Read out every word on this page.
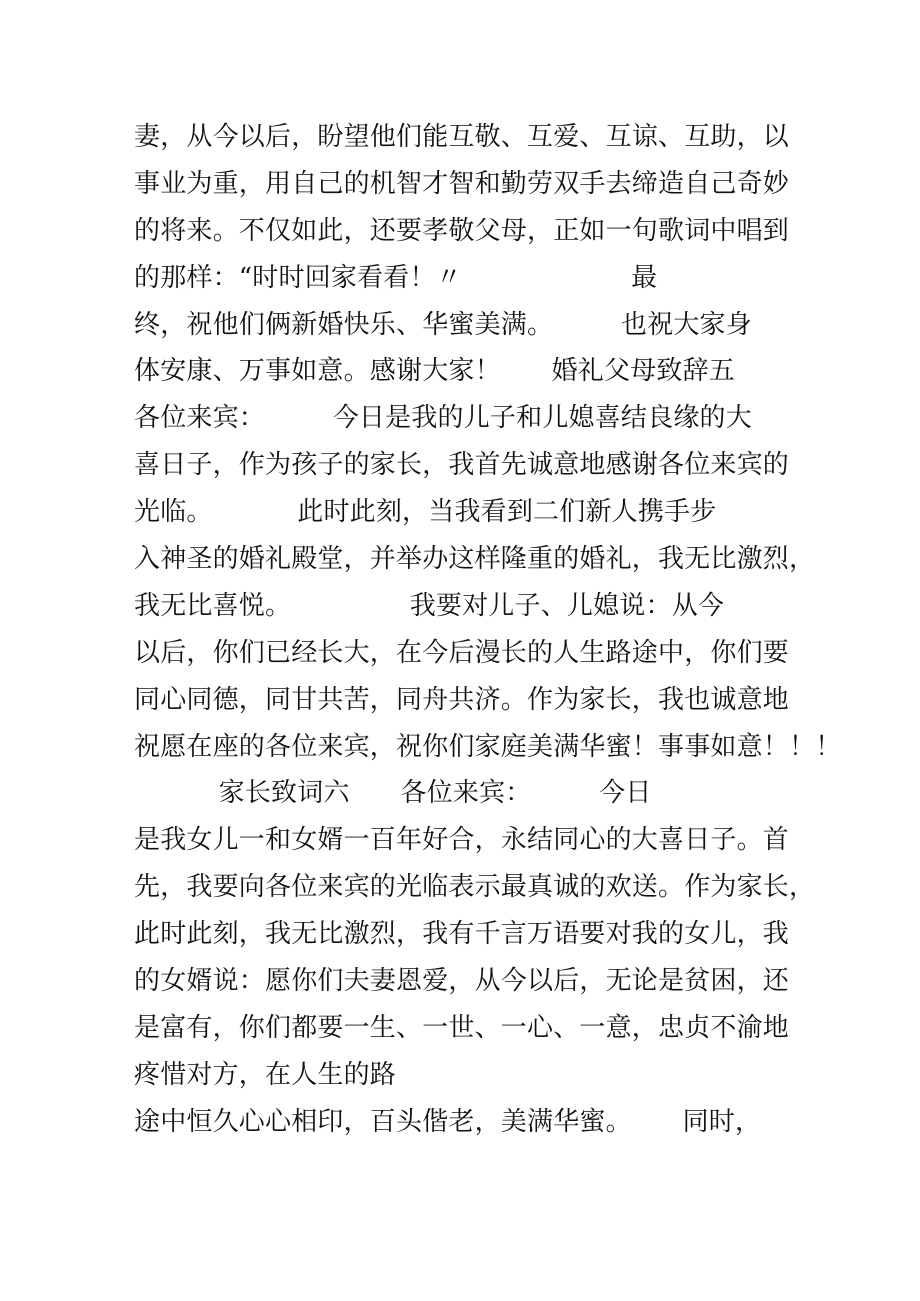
妻，从今以后，盼望他们能互敬、互爱、互谅、互助，以
事业为重，用自己的机智才智和勤劳双手去缔造自己奇妙
的将来。不仅如此，还要孝敬父母，正如一句歌词中唱到
的那样：“时时回家看看！〃                    最
终，祝他们俩新婚快乐、华蜜美满。        也祝大家身
体安康、万事如意。感谢大家！      婚礼父母致辞五
各位来宾：        今日是我的儿子和儿媳喜结良缘的大
喜日子，作为孩子的家长，我首先诚意地感谢各位来宾的
光临。          此时此刻，当我看到二们新人携手步
入神圣的婚礼殿堂，并举办这样隆重的婚礼，我无比激烈，
我无比喜悦。              我要对儿子、儿媳说：从今
以后，你们已经长大，在今后漫长的人生路途中，你们要
同心同德，同甘共苦，同舟共济。作为家长，我也诚意地
祝愿在座的各位来宾，祝你们家庭美满华蜜！事事如意！！！
家长致词六      各位来宾：        今日
是我女儿一和女婿一百年好合，永结同心的大喜日子。首
先，我要向各位来宾的光临表示最真诚的欢送。作为家长，
此时此刻，我无比激烈，我有千言万语要对我的女儿，我
的女婿说：愿你们夫妻恩爱，从今以后，无论是贫困，还
是富有，你们都要一生、一世、一心、一意，忠贞不渝地
疼惜对方，在人生的路
途中恒久心心相印，百头偕老，美满华蜜。      同时，
